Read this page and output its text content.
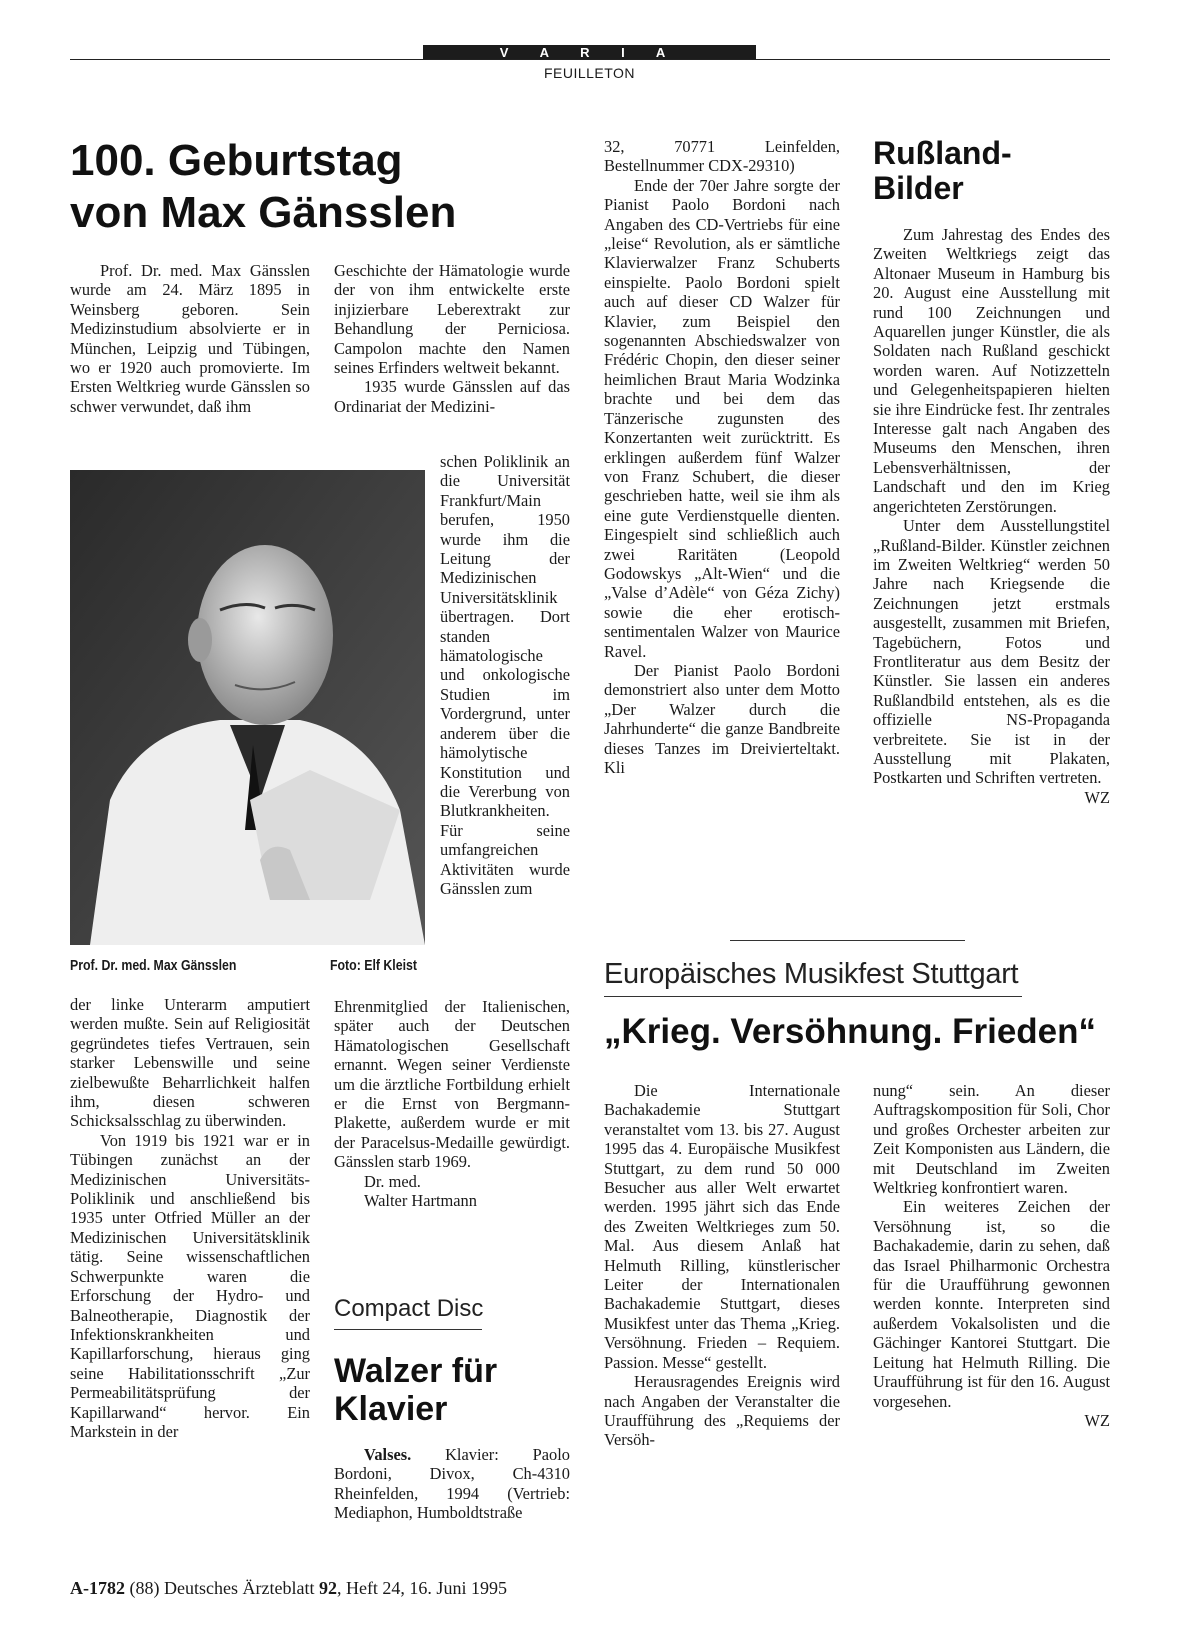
V A R I A
FEUILLETON
100. Geburtstag
von Max Gänsslen

Prof. Dr. med. Max Gänsslen wurde am 24. März 1895 in Weinsberg geboren. Sein Medizinstudium absolvierte er in München, Leipzig und Tübingen, wo er 1920 auch promovierte. Im Ersten Weltkrieg wurde Gänsslen so schwer verwundet, daß ihm

Prof. Dr. med. Max Gänsslen	Foto: Elf Kleist

der linke Unterarm amputiert werden mußte. Sein auf Religiosität gegründetes tiefes Vertrauen, sein starker Lebenswille und seine zielbewußte Beharrlichkeit halfen ihm, diesen schweren Schicksalsschlag zu überwinden.

Von 1919 bis 1921 war er in Tübingen zunächst an der Medizinischen Universitäts-Poliklinik und anschließend bis 1935 unter Otfried Müller an der Medizinischen Universitätsklinik tätig. Seine wissenschaftlichen Schwerpunkte waren die Erforschung der Hydro- und Balneotherapie, Diagnostik der Infektionskrankheiten und Kapillarforschung, hieraus ging seine Habilitationsschrift „Zur Permeabilitätsprüfung der Kapillarwand“ hervor. Ein Markstein in der

Geschichte der Hämatologie wurde der von ihm entwickelte erste injizierbare Leberextrakt zur Behandlung der Perniciosa. Campolon machte den Namen seines Erfinders weltweit bekannt.

1935 wurde Gänsslen auf das Ordinariat der Medizini-

schen Poliklinik an die Universität Frankfurt/Main berufen, 1950 wurde ihm die Leitung der Medizinischen Universitätsklinik übertragen. Dort standen hämatologische und onkologische Studien im Vordergrund, unter anderem über die hämolytische Konstitution und die Vererbung von Blutkrankheiten.

Für seine umfangreichen Aktivitäten wurde Gänsslen zum

Ehrenmitglied der Italienischen, später auch der Deutschen Hämatologischen Gesellschaft ernannt. Wegen seiner Verdienste um die ärztliche Fortbildung erhielt er die Ernst von Bergmann-Plakette, außerdem wurde er mit der Paracelsus-Medaille gewürdigt. Gänsslen starb 1969.

Dr. med.

Walter Hartmann

Compact Disc
Walzer für
Klavier

Valses. Klavier: Paolo Bordoni, Divox, Ch-4310 Rheinfelden, 1994 (Vertrieb: Mediaphon, Humboldtstraße

32, 70771 Leinfelden, Bestellnummer CDX-29310)

Ende der 70er Jahre sorgte der Pianist Paolo Bordoni nach Angaben des CD-Vertriebs für eine „leise“ Revolution, als er sämtliche Klavierwalzer Franz Schuberts einspielte. Paolo Bordoni spielt auch auf dieser CD Walzer für Klavier, zum Beispiel den sogenannten Abschiedswalzer von Frédéric Chopin, den dieser seiner heimlichen Braut Maria Wodzinka brachte und bei dem das Tänzerische zugunsten des Konzertanten weit zurücktritt. Es erklingen außerdem fünf Walzer von Franz Schubert, die dieser geschrieben hatte, weil sie ihm als eine gute Verdienstquelle dienten. Eingespielt sind schließlich auch zwei Raritäten (Leopold Godowskys „Alt-Wien“ und die „Valse d’Adèle“ von Géza Zichy) sowie die eher erotisch-sentimentalen Walzer von Maurice Ravel.

Der Pianist Paolo Bordoni demonstriert also unter dem Motto „Der Walzer durch die Jahrhunderte“ die ganze Bandbreite dieses Tanzes im Dreivierteltakt. Kli

Rußland-
Bilder

Zum Jahrestag des Endes des Zweiten Weltkriegs zeigt das Altonaer Museum in Hamburg bis 20. August eine Ausstellung mit rund 100 Zeichnungen und Aquarellen junger Künstler, die als Soldaten nach Rußland geschickt worden waren. Auf Notizzetteln und Gelegenheitspapieren hielten sie ihre Eindrücke fest. Ihr zentrales Interesse galt nach Angaben des Museums den Menschen, ihren Lebensverhältnissen, der Landschaft und den im Krieg angerichteten Zerstörungen.

Unter dem Ausstellungstitel „Rußland-Bilder. Künstler zeichnen im Zweiten Weltkrieg“ werden 50 Jahre nach Kriegsende die Zeichnungen jetzt erstmals ausgestellt, zusammen mit Briefen, Tagebüchern, Fotos und Frontliteratur aus dem Besitz der Künstler. Sie lassen ein anderes Rußlandbild entstehen, als es die offizielle NS-Propaganda verbreitete. Sie ist in der Ausstellung mit Plakaten, Postkarten und Schriften vertreten.

WZ

Europäisches Musikfest Stuttgart
„Krieg. Versöhnung. Frieden“

Die Internationale Bachakademie Stuttgart veranstaltet vom 13. bis 27. August 1995 das 4. Europäische Musikfest Stuttgart, zu dem rund 50 000 Besucher aus aller Welt erwartet werden. 1995 jährt sich das Ende des Zweiten Weltkrieges zum 50. Mal. Aus diesem Anlaß hat Helmuth Rilling, künstlerischer Leiter der Internationalen Bachakademie Stuttgart, dieses Musikfest unter das Thema „Krieg. Versöhnung. Frieden – Requiem. Passion. Messe“ gestellt.

Herausragendes Ereignis wird nach Angaben der Veranstalter die Uraufführung des „Requiems der Versöh-

nung“ sein. An dieser Auftragskomposition für Soli, Chor und großes Orchester arbeiten zur Zeit Komponisten aus Ländern, die mit Deutschland im Zweiten Weltkrieg konfrontiert waren.

Ein weiteres Zeichen der Versöhnung ist, so die Bachakademie, darin zu sehen, daß das Israel Philharmonic Orchestra für die Uraufführung gewonnen werden konnte. Interpreten sind außerdem Vokalsolisten und die Gächinger Kantorei Stuttgart. Die Leitung hat Helmuth Rilling. Die Uraufführung ist für den 16. August vorgesehen.

WZ

A-1782 (88) Deutsches Ärzteblatt 92, Heft 24, 16. Juni 1995
